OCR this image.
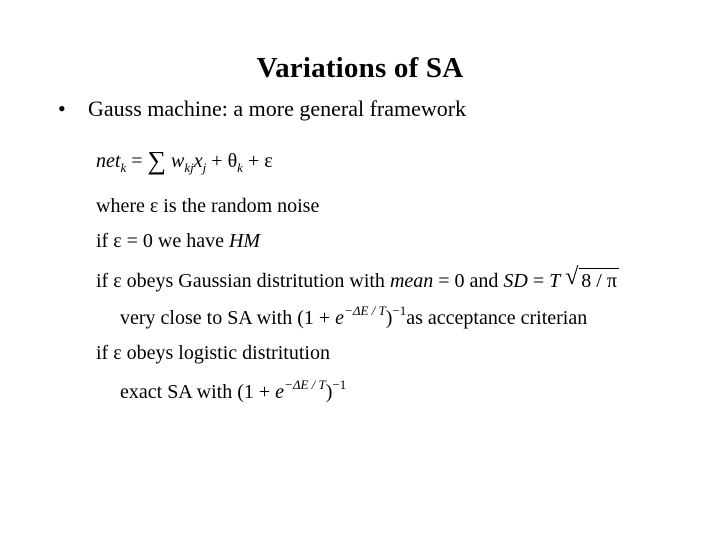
Variations of SA
• Gauss machine: a more general framework
net$_k$ = ∑ $w_{kj}x_j + \theta_k + \varepsilon$
where ε is the random noise
if ε = 0 we have HM
if ε obeys Gaussian distritution with mean = 0 and SD = T √ 8 / π
very close to SA with $(1 + e^{-\Delta E / T})^{-1}as$ acceptance criterian
if ε obeys logistic distritution
exact SA with $(1 + e^{-\Delta E / T})^{-1}$
